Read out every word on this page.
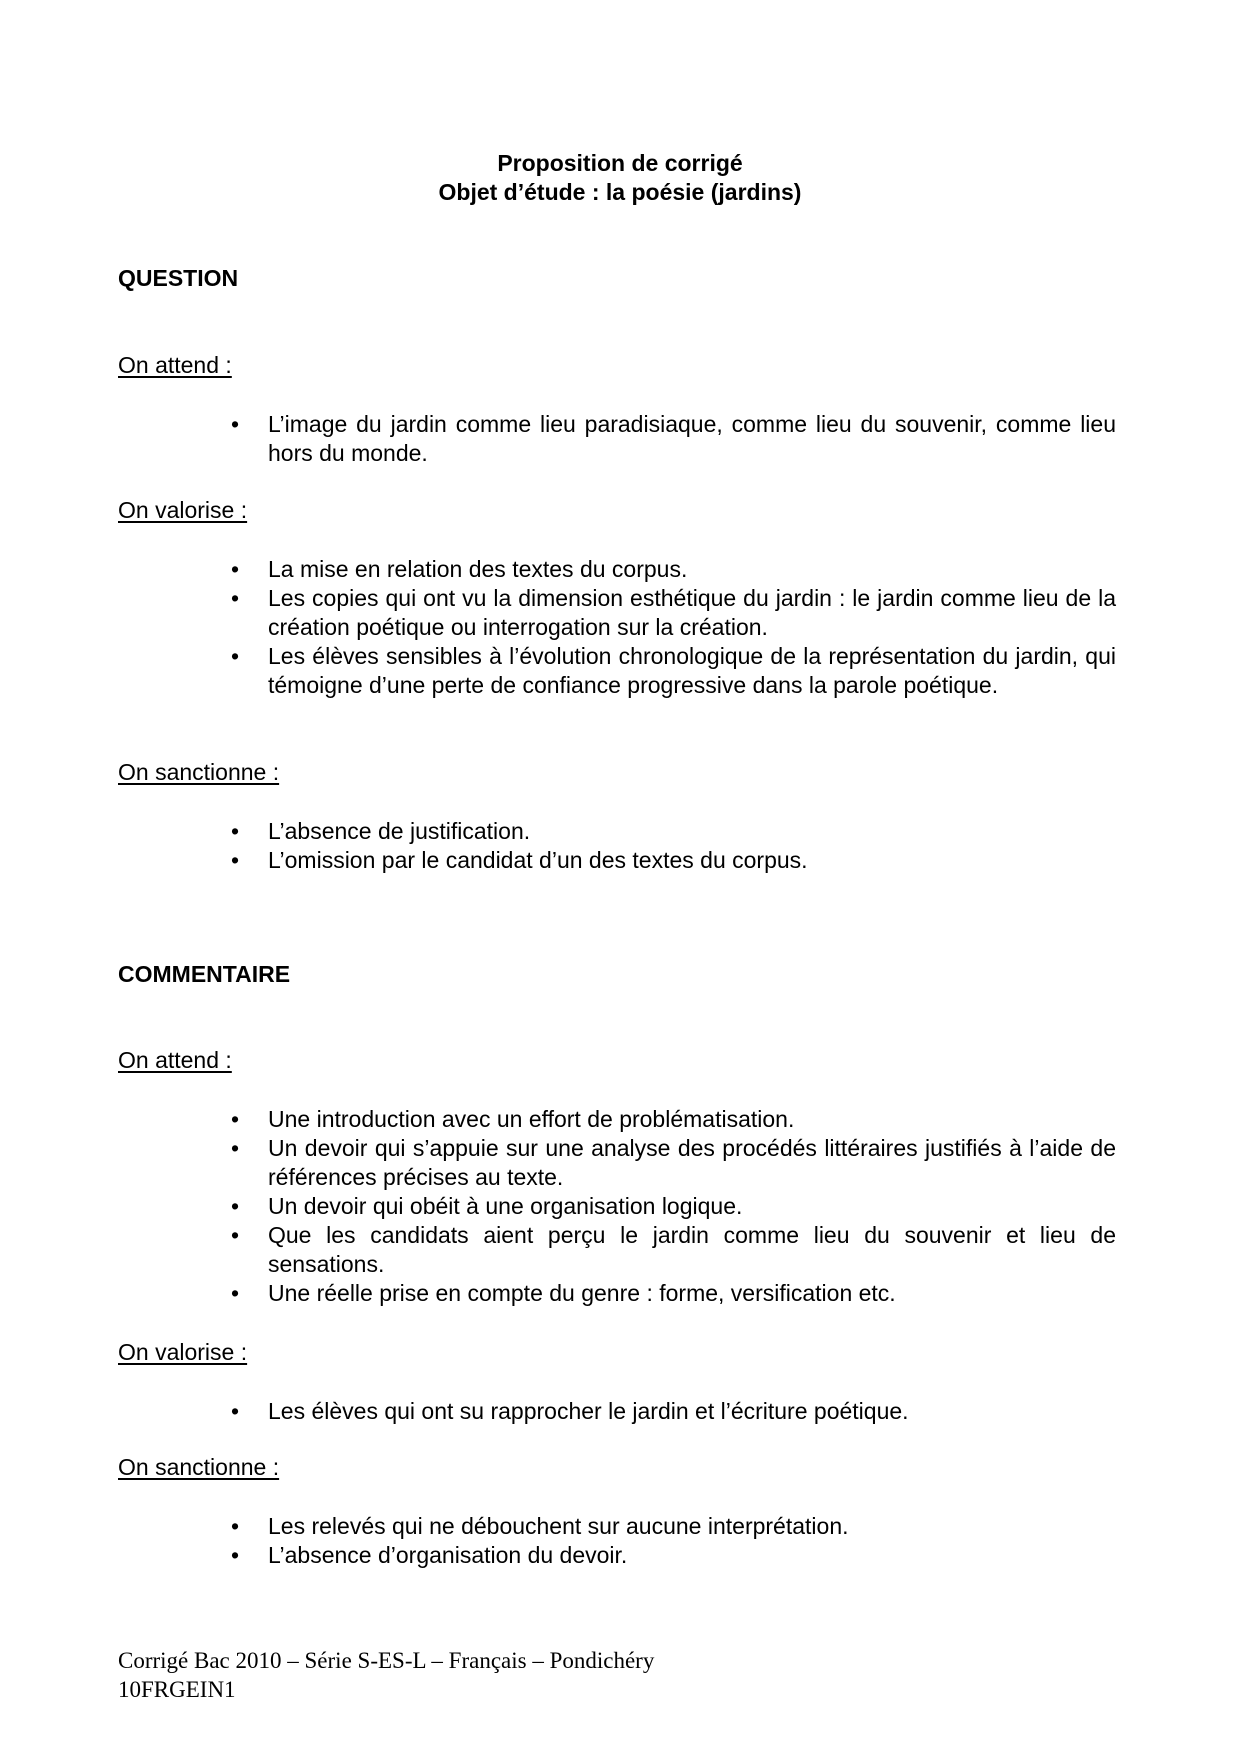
Proposition de corrigé
Objet d’étude : la poésie (jardins)
QUESTION
On attend :
• L’image du jardin comme lieu paradisiaque, comme lieu du souvenir, comme lieu hors du monde.
On valorise :
• La mise en relation des textes du corpus.
• Les copies qui ont vu la dimension esthétique du jardin : le jardin comme lieu de la création poétique ou interrogation sur la création.
• Les élèves sensibles à l’évolution chronologique de la représentation du jardin, qui témoigne d’une perte de confiance progressive dans la parole poétique.
On sanctionne :
• L’absence de justification.
• L’omission par le candidat d’un des textes du corpus.
COMMENTAIRE
On attend :
• Une introduction avec un effort de problématisation.
• Un devoir qui s’appuie sur une analyse des procédés littéraires justifiés à l’aide de références précises au texte.
• Un devoir qui obéit à une organisation logique.
• Que les candidats aient perçu le jardin comme lieu du souvenir et lieu de sensations.
• Une réelle prise en compte du genre : forme, versification etc.
On valorise :
• Les élèves qui ont su rapprocher le jardin et l’écriture poétique.
On sanctionne :
• Les relevés qui ne débouchent sur aucune interprétation.
• L’absence d’organisation du devoir.
Corrigé Bac 2010 – Série S-ES-L – Français – Pondichéry
10FRGEIN1
